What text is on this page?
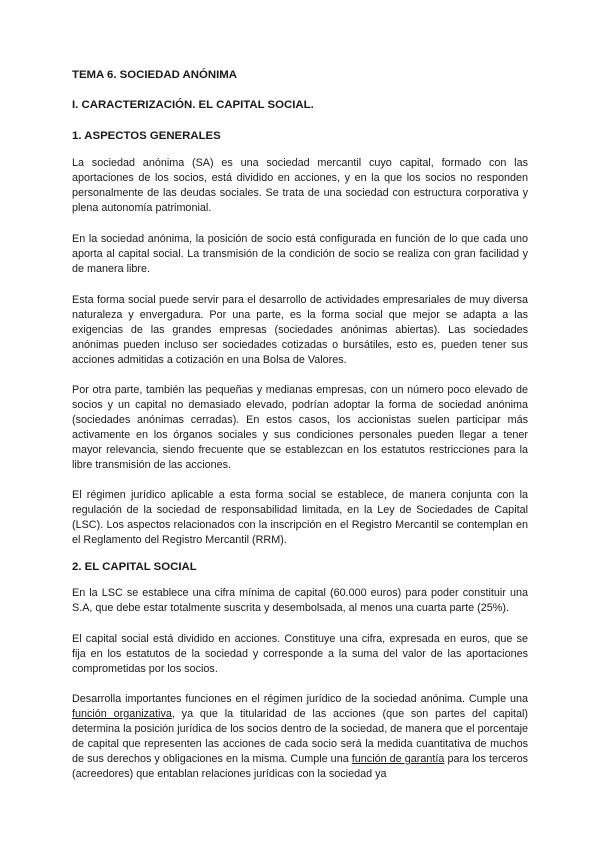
TEMA 6. SOCIEDAD ANÓNIMA

I. CARACTERIZACIÓN. EL CAPITAL SOCIAL.

1. ASPECTOS GENERALES

La sociedad anónima (SA) es una sociedad mercantil cuyo capital, formado con las aportaciones de los socios, está dividido en acciones, y en la que los socios no responden personalmente de las deudas sociales. Se trata de una sociedad con estructura corporativa y plena autonomía patrimonial.

En la sociedad anónima, la posición de socio está configurada en función de lo que cada uno aporta al capital social. La transmisión de la condición de socio se realiza con gran facilidad y de manera libre.

Esta forma social puede servir para el desarrollo de actividades empresariales de muy diversa naturaleza y envergadura. Por una parte, es la forma social que mejor se adapta a las exigencias de las grandes empresas (sociedades anónimas abiertas). Las sociedades anónimas pueden incluso ser sociedades cotizadas o bursátiles, esto es, pueden tener sus acciones admitidas a cotización en una Bolsa de Valores.

Por otra parte, también las pequeñas y medianas empresas, con un número poco elevado de socios y un capital no demasiado elevado, podrían adoptar la forma de sociedad anónima (sociedades anónimas cerradas). En estos casos, los accionistas suelen participar más activamente en los órganos sociales y sus condiciones personales pueden llegar a tener mayor relevancia, siendo frecuente que se establezcan en los estatutos restricciones para la libre transmisión de las acciones.

El régimen jurídico aplicable a esta forma social se establece, de manera conjunta con la regulación de la sociedad de responsabilidad limitada, en la Ley de Sociedades de Capital (LSC). Los aspectos relacionados con la inscripción en el Registro Mercantil se contemplan en el Reglamento del Registro Mercantil (RRM).

2. EL CAPITAL SOCIAL

En la LSC se establece una cifra mínima de capital (60.000 euros) para poder constituir una S.A, que debe estar totalmente suscrita y desembolsada, al menos una cuarta parte (25%).

El capital social está dividido en acciones. Constituye una cifra, expresada en euros, que se fija en los estatutos de la sociedad y corresponde a la suma del valor de las aportaciones comprometidas por los socios.

Desarrolla importantes funciones en el régimen jurídico de la sociedad anónima. Cumple una función organizativa, ya que la titularidad de las acciones (que son partes del capital) determina la posición jurídica de los socios dentro de la sociedad, de manera que el porcentaje de capital que representen las acciones de cada socio será la medida cuantitativa de muchos de sus derechos y obligaciones en la misma. Cumple una función de garantía para los terceros (acreedores) que entablan relaciones jurídicas con la sociedad ya
